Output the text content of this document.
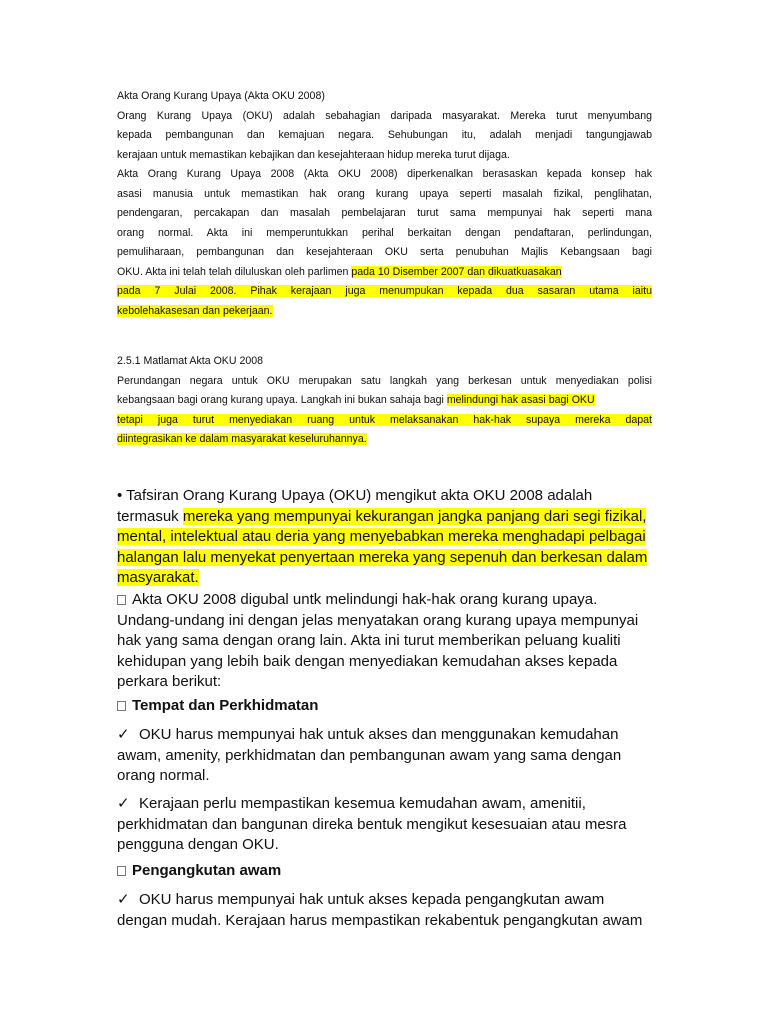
Akta Orang Kurang Upaya (Akta OKU 2008)
Orang Kurang Upaya (OKU) adalah sebahagian daripada masyarakat. Mereka turut menyumbang
kepada pembangunan dan kemajuan negara. Sehubungan itu, adalah menjadi tangungjawab
kerajaan untuk memastikan kebajikan dan kesejahteraan hidup mereka turut dijaga.
Akta Orang Kurang Upaya 2008 (Akta OKU 2008) diperkenalkan berasaskan kepada konsep hak
asasi manusia untuk memastikan hak orang kurang upaya seperti masalah fizikal, penglihatan,
pendengaran, percakapan dan masalah pembelajaran turut sama mempunyai hak seperti mana
orang normal. Akta ini memperuntukkan perihal berkaitan dengan pendaftaran, perlindungan,
pemuliharaan, pembangunan dan kesejahteraan OKU serta penubuhan Majlis Kebangsaan bagi
OKU. Akta ini telah telah diluluskan oleh parlimen pada 10 Disember 2007 dan dikuatkuasakan
pada 7 Julai 2008. Pihak kerajaan juga menumpukan kepada dua sasaran utama iaitu
kebolehakasesan dan pekerjaan.
2.5.1 Matlamat Akta OKU 2008
Perundangan negara untuk OKU merupakan satu langkah yang berkesan untuk menyediakan polisi
kebangsaan bagi orang kurang upaya. Langkah ini bukan sahaja bagi melindungi hak asasi bagi OKU
tetapi juga turut menyediakan ruang untuk melaksanakan hak-hak supaya mereka dapat
diintegrasikan ke dalam masyarakat keseluruhannya.
• Tafsiran Orang Kurang Upaya (OKU) mengikut akta OKU 2008 adalah
termasuk mereka yang mempunyai kekurangan jangka panjang dari segi fizikal,
mental, intelektual atau deria yang menyebabkan mereka menghadapi pelbagai
halangan lalu menyekat penyertaan mereka yang sepenuh dan berkesan dalam
masyarakat.
Akta OKU 2008 digubal untk melindungi hak-hak orang kurang upaya.
Undang-undang ini dengan jelas menyatakan orang kurang upaya mempunyai
hak yang sama dengan orang lain. Akta ini turut memberikan peluang kualiti
kehidupan yang lebih baik dengan menyediakan kemudahan akses kepada
perkara berikut:
Tempat dan Perkhidmatan
✓ OKU harus mempunyai hak untuk akses dan menggunakan kemudahan
awam, amenity, perkhidmatan dan pembangunan awam yang sama dengan
orang normal.
✓ Kerajaan perlu mempastikan kesemua kemudahan awam, amenitii,
perkhidmatan dan bangunan direka bentuk mengikut kesesuaian atau mesra
pengguna dengan OKU.
Pengangkutan awam
✓ OKU harus mempunyai hak untuk akses kepada pengangkutan awam
dengan mudah. Kerajaan harus mempastikan rekabentuk pengangkutan awam
